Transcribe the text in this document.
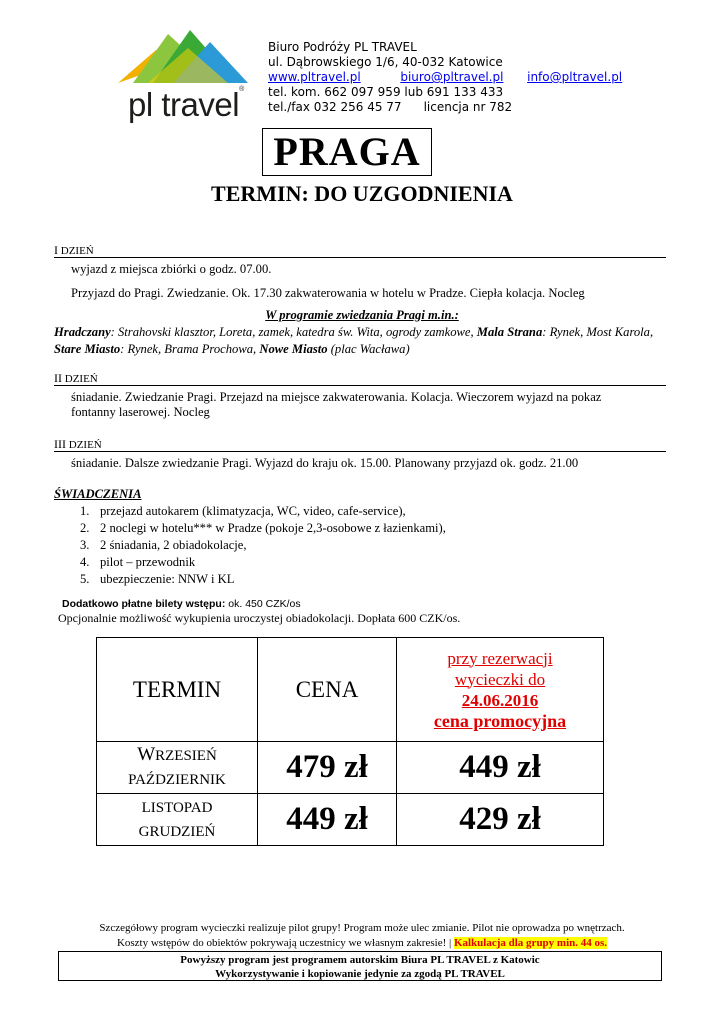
pl travel®
Biuro Podróży PL TRAVEL
ul. Dąbrowskiego 1/6, 40-032 Katowice
www.pltravel.pl	biuro@pltravel.pl info@pltravel.pl
tel. kom. 662 097 959 lub 691 133 433
tel./fax 032 256 45 77 licencja nr 782
PRAGA
TERMIN: DO UZGODNIENIA
I DZIEŃ
wyjazd z miejsca zbiórki o godz. 07.00.
Przyjazd do Pragi. Zwiedzanie. Ok. 17.30 zakwaterowania w hotelu w Pradze. Ciepła kolacja. Nocleg
W programie zwiedzania Pragi m.in.:
Hradczany: Strahovski klasztor, Loreta, zamek, katedra św. Wita, ogrody zamkowe, Mala Strana: Rynek, Most Karola, Stare Miasto: Rynek, Brama Prochowa, Nowe Miasto (plac Wacława)
II DZIEŃ
śniadanie. Zwiedzanie Pragi. Przejazd na miejsce zakwaterowania. Kolacja. Wieczorem wyjazd na pokaz
fontanny laserowej. Nocleg
III DZIEŃ
śniadanie. Dalsze zwiedzanie Pragi. Wyjazd do kraju ok. 15.00. Planowany przyjazd ok. godz. 21.00
ŚWIADCZENIA
1. przejazd autokarem (klimatyzacja, WC, video, cafe-service),
2. 2 noclegi w hotelu*** w Pradze (pokoje 2,3-osobowe z łazienkami),
3. 2 śniadania, 2 obiadokolacje,
4. pilot – przewodnik
5. ubezpieczenie: NNW i KL
Dodatkowo płatne bilety wstępu: ok. 450 CZK/os
Opcjonalnie możliwość wykupienia uroczystej obiadokolacji. Dopłata 600 CZK/os.
TERMIN	CENA	przy rezerwacji
wycieczki do
24.06.2016
cena promocyjna

WRZESIEŃ
PAŹDZIERNIK	479 zł	449 zł

LISTOPAD
GRUDZIEŃ	449 zł	429 zł
Szczegółowy program wycieczki realizuje pilot grupy! Program może ulec zmianie. Pilot nie oprowadza po wnętrzach.
Koszty wstępów do obiektów pokrywają uczestnicy we własnym zakresie! | Kalkulacja dla grupy min. 44 os.
Powyższy program jest programem autorskim Biura PL TRAVEL z Katowic
Wykorzystywanie i kopiowanie jedynie za zgodą PL TRAVEL
